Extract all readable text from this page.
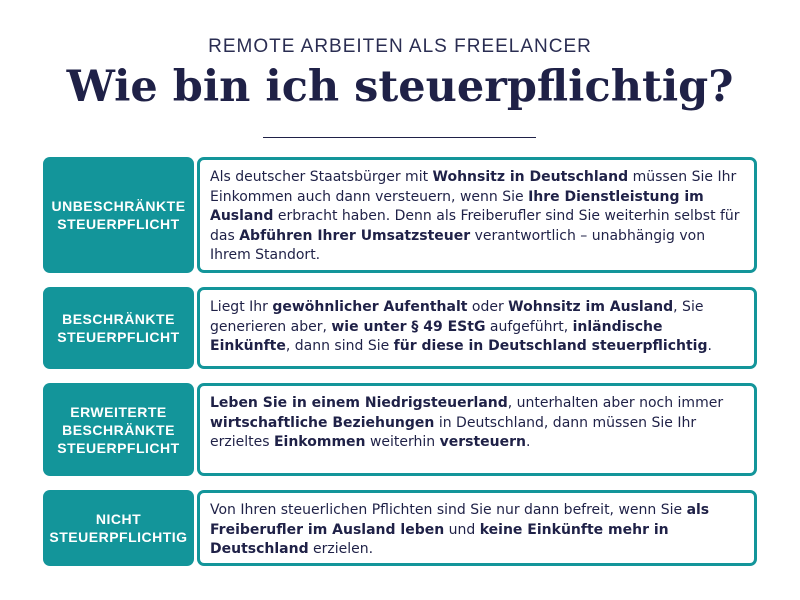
REMOTE ARBEITEN ALS FREELANCER
Wie bin ich steuerpflichtig?
UNBESCHRÄNKTE STEUERPFLICHT
Als deutscher Staatsbürger mit Wohnsitz in Deutschland müssen Sie Ihr Einkommen auch dann versteuern, wenn Sie Ihre Dienstleistung im Ausland erbracht haben. Denn als Freiberufler sind Sie weiterhin selbst für das Abführen Ihrer Umsatzsteuer verantwortlich – unabhängig von Ihrem Standort.
BESCHRÄNKTE STEUERPFLICHT
Liegt Ihr gewöhnlicher Aufenthalt oder Wohnsitz im Ausland, Sie generieren aber, wie unter § 49 EStG aufgeführt, inländische Einkünfte, dann sind Sie für diese in Deutschland steuerpflichtig.
ERWEITERTE BESCHRÄNKTE STEUERPFLICHT
Leben Sie in einem Niedrigsteuerland, unterhalten aber noch immer wirtschaftliche Beziehungen in Deutschland, dann müssen Sie Ihr erzieltes Einkommen weiterhin versteuern.
NICHT STEUERPFLICHTIG
Von Ihren steuerlichen Pflichten sind Sie nur dann befreit, wenn Sie als Freiberufler im Ausland leben und keine Einkünfte mehr in Deutschland erzielen.
